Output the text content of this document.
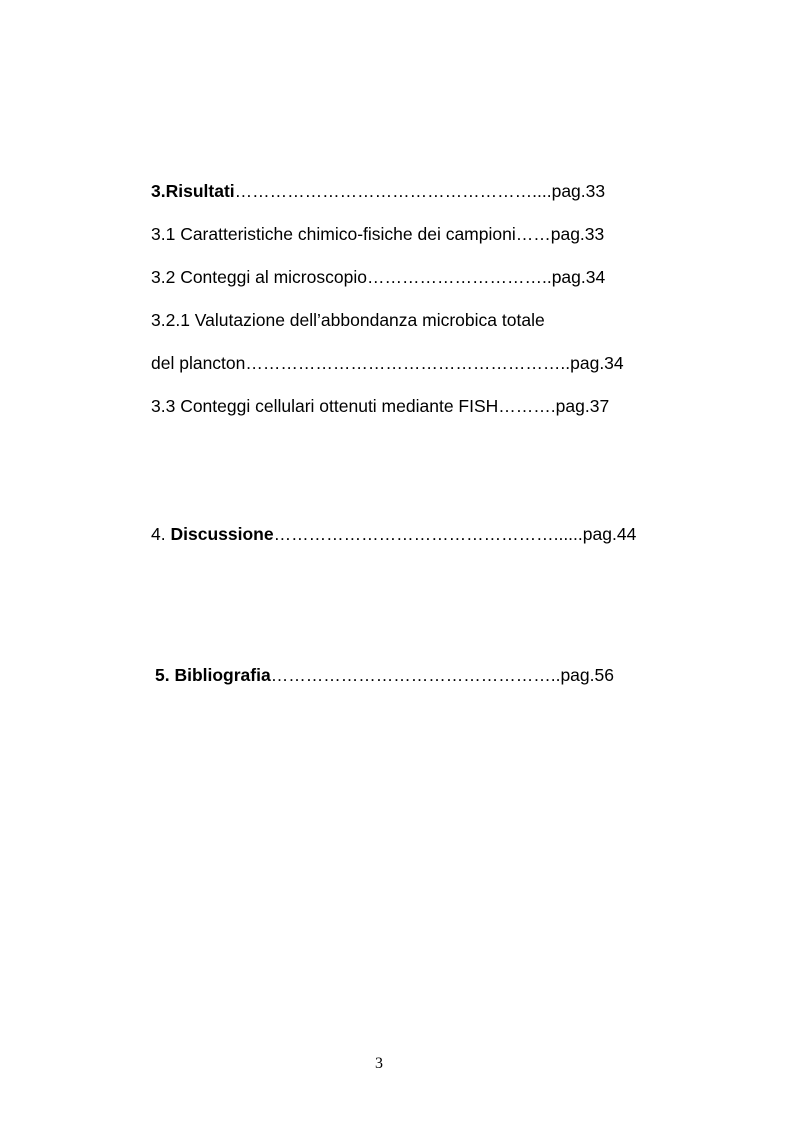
3.Risultati……………………………………………....pag.33
3.1 Caratteristiche chimico-fisiche dei campioni……pag.33
3.2 Conteggi al microscopio…………………………..pag.34
3.2.1 Valutazione dell’abbondanza microbica totale
del plancton………………………………………………..pag.34
3.3 Conteggi cellulari ottenuti mediante FISH……….pag.37
4. Discussione…………………………………………......pag.44
5. Bibliografia…………………………………………..pag.56
3
